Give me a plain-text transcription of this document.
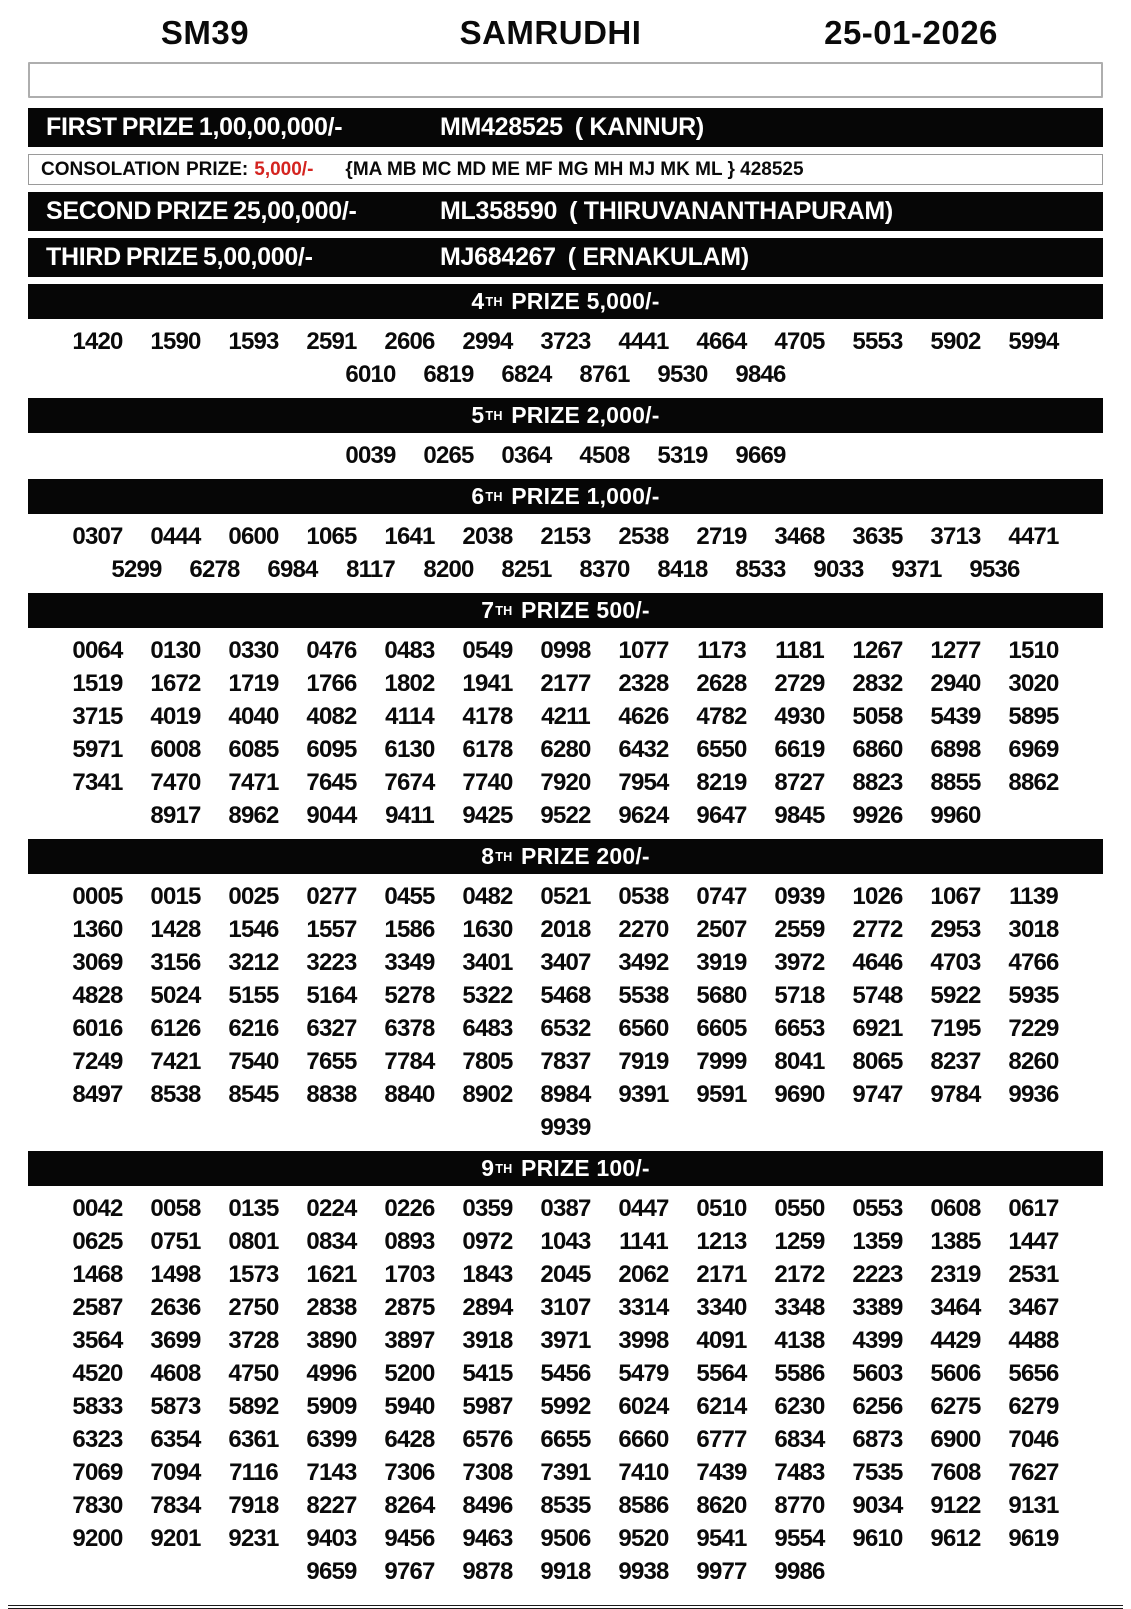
SM39	SAMRUDHI	25-01-2026
FIRST PRIZE 1,00,00,000/-	MM428525 ( KANNUR)
CONSOLATION PRIZE: 5,000/- {MA MB MC MD ME MF MG MH MJ MK ML } 428525
SECOND PRIZE 25,00,000/-	ML358590 ( THIRUVANANTHAPURAM)
THIRD PRIZE 5,00,000/-	MJ684267 ( ERNAKULAM)
4 TH PRIZE 5,000/-
1420	1590	1593	2591	2606	2994	3723	4441	4664	4705	5553	5902	5994
6010	6819	6824	8761	9530	9846
5 TH PRIZE 2,000/-
0039	0265	0364	4508	5319	9669
6 TH PRIZE 1,000/-
0307	0444	0600	1065	1641	2038	2153	2538	2719	3468	3635	3713	4471
5299	6278	6984	8117	8200	8251	8370	8418	8533	9033	9371	9536
7 TH PRIZE 500/-
0064	0130	0330	0476	0483	0549	0998	1077	1173	1181	1267	1277	1510
1519	1672	1719	1766	1802	1941	2177	2328	2628	2729	2832	2940	3020
3715	4019	4040	4082	4114	4178	4211	4626	4782	4930	5058	5439	5895
5971	6008	6085	6095	6130	6178	6280	6432	6550	6619	6860	6898	6969
7341	7470	7471	7645	7674	7740	7920	7954	8219	8727	8823	8855	8862
8917	8962	9044	9411	9425	9522	9624	9647	9845	9926	9960
8 TH PRIZE 200/-
0005	0015	0025	0277	0455	0482	0521	0538	0747	0939	1026	1067	1139
1360	1428	1546	1557	1586	1630	2018	2270	2507	2559	2772	2953	3018
3069	3156	3212	3223	3349	3401	3407	3492	3919	3972	4646	4703	4766
4828	5024	5155	5164	5278	5322	5468	5538	5680	5718	5748	5922	5935
6016	6126	6216	6327	6378	6483	6532	6560	6605	6653	6921	7195	7229
7249	7421	7540	7655	7784	7805	7837	7919	7999	8041	8065	8237	8260
8497	8538	8545	8838	8840	8902	8984	9391	9591	9690	9747	9784	9936
9939
9 TH PRIZE 100/-
0042	0058	0135	0224	0226	0359	0387	0447	0510	0550	0553	0608	0617
0625	0751	0801	0834	0893	0972	1043	1141	1213	1259	1359	1385	1447
1468	1498	1573	1621	1703	1843	2045	2062	2171	2172	2223	2319	2531
2587	2636	2750	2838	2875	2894	3107	3314	3340	3348	3389	3464	3467
3564	3699	3728	3890	3897	3918	3971	3998	4091	4138	4399	4429	4488
4520	4608	4750	4996	5200	5415	5456	5479	5564	5586	5603	5606	5656
5833	5873	5892	5909	5940	5987	5992	6024	6214	6230	6256	6275	6279
6323	6354	6361	6399	6428	6576	6655	6660	6777	6834	6873	6900	7046
7069	7094	7116	7143	7306	7308	7391	7410	7439	7483	7535	7608	7627
7830	7834	7918	8227	8264	8496	8535	8586	8620	8770	9034	9122	9131
9200	9201	9231	9403	9456	9463	9506	9520	9541	9554	9610	9612	9619
9659	9767	9878	9918	9938	9977	9986
